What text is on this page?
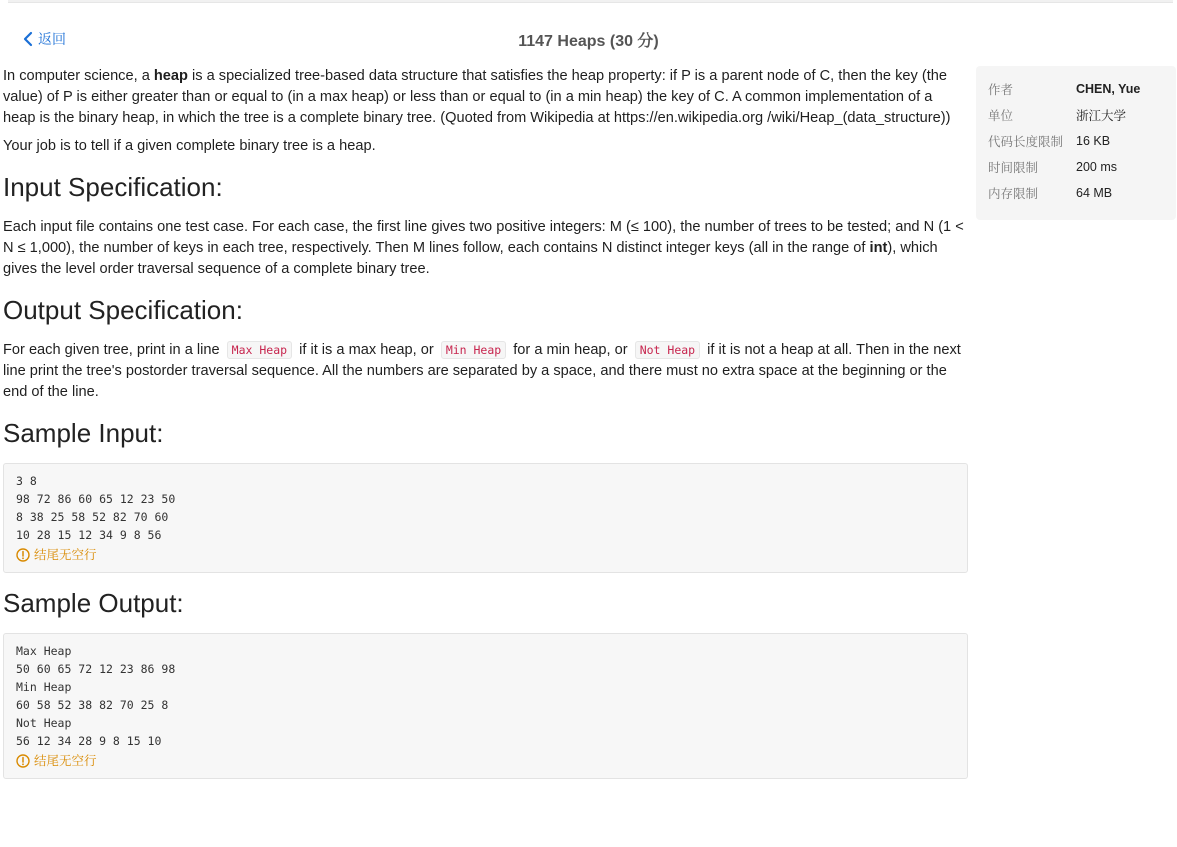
返回	1147 Heaps (30 分)

In computer science, a heap is a specialized tree-based data structure that satisfies the heap property: if P is a parent node of C, then the key (the value) of P is either greater than or equal to (in a max heap) or less than or equal to (in a min heap) the key of C. A common implementation of a heap is the binary heap, in which the tree is a complete binary tree. (Quoted from Wikipedia at https://en.wikipedia.org /wiki/Heap_(data_structure))

Your job is to tell if a given complete binary tree is a heap.

Input Specification:

Each input file contains one test case. For each case, the first line gives two positive integers: M (≤ 100), the number of trees to be tested; and N (1 < N ≤ 1,000), the number of keys in each tree, respectively. Then M lines follow, each contains N distinct integer keys (all in the range of int), which gives the level order traversal sequence of a complete binary tree.

Output Specification:

For each given tree, print in a line Max Heap if it is a max heap, or Min Heap for a min heap, or Not Heap if it is not a heap at all. Then in the next line print the tree's postorder traversal sequence. All the numbers are separated by a space, and there must no extra space at the beginning or the end of the line.

Sample Input:
3 8
98 72 86 60 65 12 23 50
8 38 25 58 52 82 70 60
10 28 15 12 34 9 8 56
结尾无空行
Sample Output:
Max Heap
50 60 65 72 12 23 86 98
Min Heap
60 58 52 38 82 70 25 8
Not Heap
56 12 34 28 9 8 15 10
结尾无空行
作者	CHEN, Yue
单位	浙江大学
代码长度限制	16 KB
时间限制	200 ms
内存限制	64 MB
